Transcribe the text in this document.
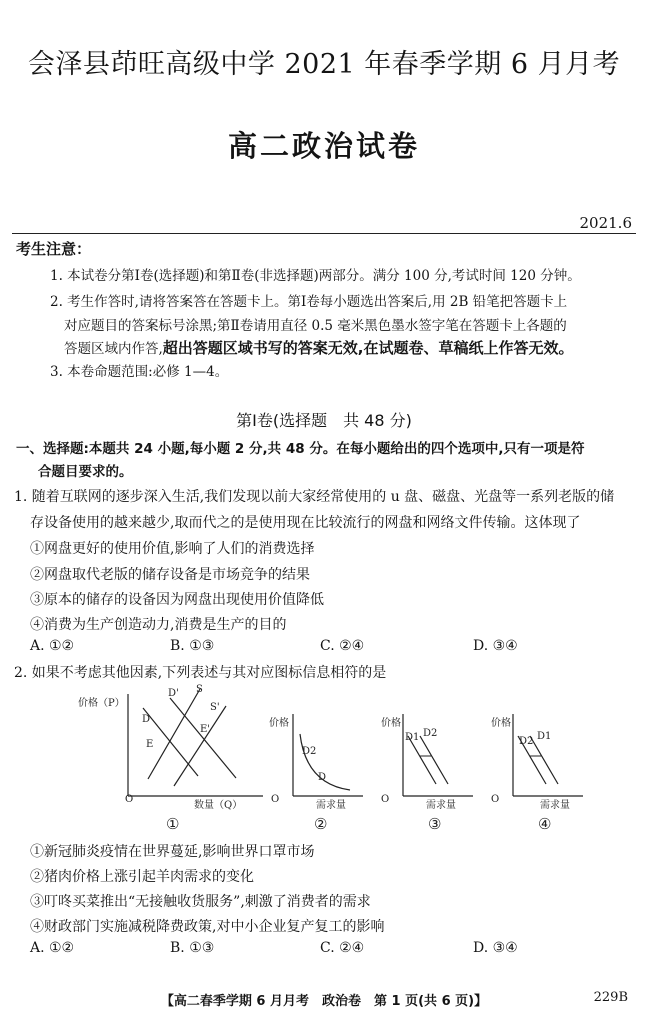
会泽县茚旺高级中学 2021 年春季学期 6 月月考
高二政治试卷
2021.6
考生注意：
1. 本试卷分第Ⅰ卷(选择题)和第Ⅱ卷(非选择题)两部分。满分 100 分,考试时间 120 分钟。
2. 考生作答时,请将答案答在答题卡上。第Ⅰ卷每小题选出答案后,用 2B 铅笔把答题卡上
对应题目的答案标号涂黑;第Ⅱ卷请用直径 0.5 毫米黑色墨水签字笔在答题卡上各题的
答题区域内作答,超出答题区域书写的答案无效,在试题卷、草稿纸上作答无效。
3. 本卷命题范围:必修 1—4。
第Ⅰ卷(选择题　共 48 分)
一、选择题:本题共 24 小题,每小题 2 分,共 48 分。在每小题给出的四个选项中,只有一项是符
合题目要求的。
1. 随着互联网的逐步深入生活,我们发现以前大家经常使用的 u 盘、磁盘、光盘等一系列老版的储
存设备使用的越来越少,取而代之的是使用现在比较流行的网盘和网络文件传输。这体现了
①网盘更好的使用价值,影响了人们的消费选择
②网盘取代老版的储存设备是市场竞争的结果
③原本的储存的设备因为网盘出现使用价值降低
④消费为生产创造动力,消费是生产的目的
A. ①②	B. ①③	C. ②④	D. ③④
2. 如果不考虑其他因素,下列表述与其对应图标信息相符的是
价格（P）
数量（Q）
O
D' S
S'
D
E'
E
①
价格
需求量
O
D2
D
②
价格
需求量
O
D1 D2
③
价格
需求量
O
D2 D1
④
①新冠肺炎疫情在世界蔓延,影响世界口罩市场
②猪肉价格上涨引起羊肉需求的变化
③叮咚买菜推出“无接触收货服务”,刺激了消费者的需求
④财政部门实施减税降费政策,对中小企业复产复工的影响
A. ①②	B. ①③	C. ②④	D. ③④
【高二春季学期 6 月月考　政治卷　第 1 页(共 6 页)】	229B
